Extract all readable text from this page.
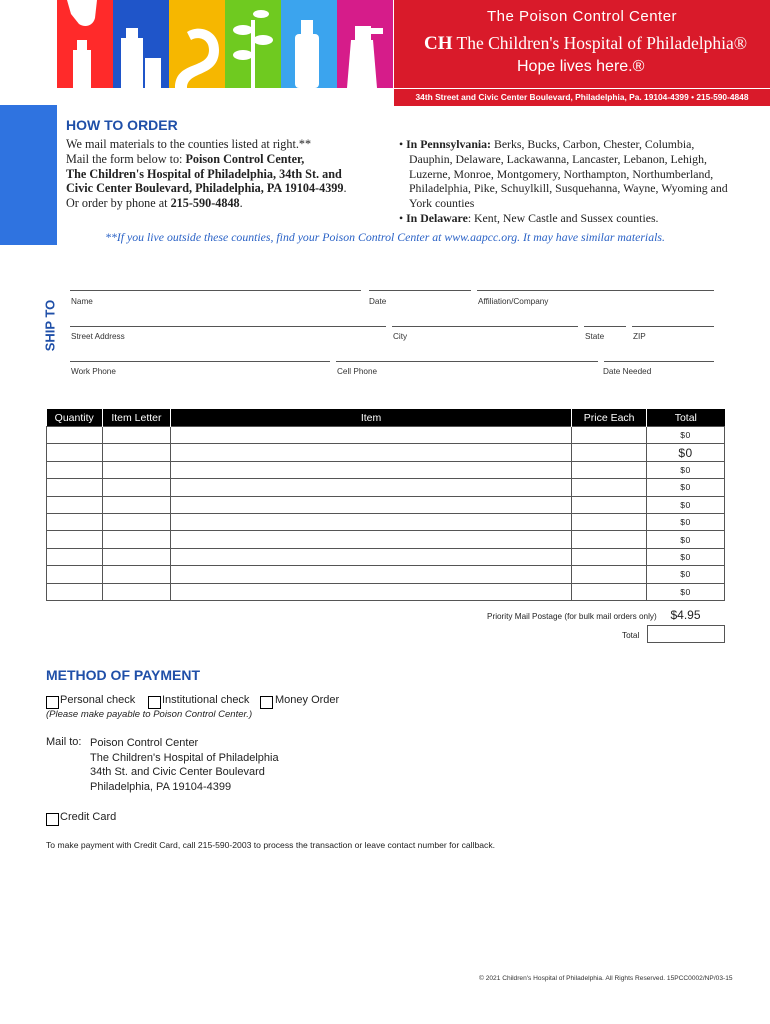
The Poison Control Center
CH The Children's Hospital of Philadelphia®
Hope lives here.®
34th Street and Civic Center Boulevard, Philadelphia, Pa. 19104-4399 • 215-590-4848
HOW TO ORDER
We mail materials to the counties listed at right.**
Mail the form below to: Poison Control Center,
The Children's Hospital of Philadelphia, 34th St. and
Civic Center Boulevard, Philadelphia, PA 19104-4399.
Or order by phone at 215-590-4848.
• In Pennsylvania: Berks, Bucks, Carbon, Chester, Columbia, Dauphin, Delaware, Lackawanna, Lancaster, Lebanon, Lehigh, Luzerne, Monroe, Montgomery, Northampton, Northumberland, Philadelphia, Pike, Schuylkill, Susquehanna, Wayne, Wyoming and York counties
• In Delaware: Kent, New Castle and Sussex counties.
**If you live outside these counties, find your Poison Control Center at www.aapcc.org. It may have similar materials.
SHIP TO Name	Date	Affiliation/Company
Street Address	City	State	ZIP
Work Phone	Cell Phone	Date Needed
Quantity	Item Letter	Item	Price Each	Total
				$0
				$0
				$0
				$0
				$0
				$0
				$0
				$0
				$0
				$0
Priority Mail Postage (for bulk mail orders only)	$4.95
Total
METHOD OF PAYMENT
Personal check Institutional check Money Order
(Please make payable to Poison Control Center.)
Mail to: Poison Control Center
The Children's Hospital of Philadelphia
34th St. and Civic Center Boulevard
Philadelphia, PA 19104-4399
Credit Card
To make payment with Credit Card, call 215-590-2003 to process the transaction or leave contact number for callback.
© 2021 Children's Hospital of Philadelphia. All Rights Reserved. 15PCC0002/NP/03-15
